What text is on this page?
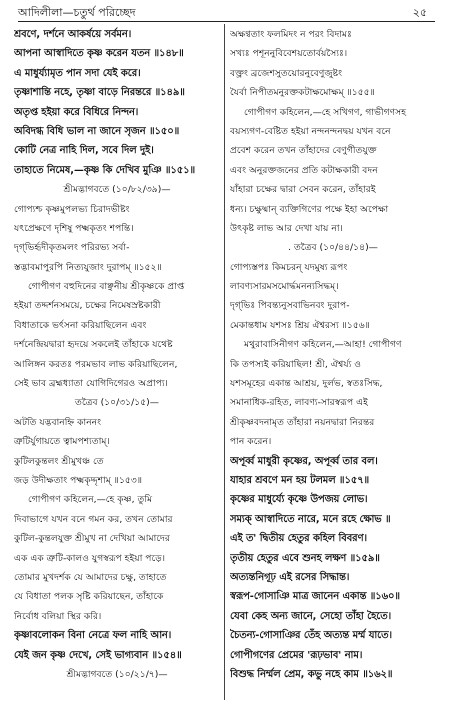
আদিলীলা—চতুর্থ পরিচ্ছেদ	২৫
শ্রবণে, দর্শনে আকর্ষয়ে সর্বমন।
আপনা আস্বাদিতে কৃষ্ণ করেন যতন ॥১৪৮॥
এ মাধুর্য্যামৃত পান সদা যেই করে।
তৃষ্ণাশান্তি নহে, তৃষ্ণা বাড়ে নিরন্তরে ॥১৪৯॥
অতৃপ্ত হইয়া করে বিধিরে নিন্দন।
অবিদগ্ধ বিধি ভাল না জানে সৃজন ॥১৫০॥
কোটি নেত্র নাহি দিল, সবে দিল দুই।
তাহাতে নিমেষ,—কৃষ্ণ কি দেখিব মুঞি ॥১৫১॥
শ্রীমদ্ভাগবতে (১০/৮২/৩৯)—
গোপ্যশ্চ কৃষ্ণমুপলভ্য চিরাদভীষ্টং
যৎপ্রেক্ষণে দৃশিষু পক্ষ্মকৃতং শপন্তি।
দৃগ্‌ভির্হৃদীকৃতমলং পরিরভ্য সর্বা-
স্তদ্ভাবমাপুরপি নিত্যযুজাং দুরাপম্‌ ॥১৫২॥
গোপীগণ বহুদিনের বাঞ্ছনীয় শ্রীকৃষ্ণকে প্রাপ্ত
হইয়া তদ্দর্শনসময়ে, চক্ষের নিমেষস্রষ্টকারী
বিধাতাকে ভর্ৎসনা করিয়াছিলেন এবং
দর্শনেন্দ্রিয়দ্বারা হৃদয়ে সকলেই তাঁহাকে যথেষ্ট
আলিঙ্গন করতঃ পরমভাব লাভ করিয়াছিলেন,
সেই ভাব ব্রহ্মধ্যাতা যোগিদিগেরও অপ্রাপ্য।
তত্রৈব (১০/৩১/১৫)—
অটতি যদ্ভবানহ্নি কাননং
ত্রুটির্যুগায়তে ত্বামপশ্যতাম্‌।
কুটিলকুন্তলং শ্রীমুখঞ্চ তে
জড় উদীক্ষতাং পক্ষ্মকৃদ্দৃশাম্‌ ॥১৫৩॥
গোপীগণ কহিলেন,—হে কৃষ্ণ, তুমি
দিবাভাগে যখন বনে গমন কর, তখন তোমার
কুটিল-কুন্তলযুক্ত শ্রীমুখ না দেখিয়া আমাদের
এক এক ত্রুটি-কালও যুগস্বরূপ হইয়া পড়ে।
তোমার মুখদর্শক যে আমাদের চক্ষু, তাহাতে
যে বিধাতা পলক সৃষ্টি করিয়াছেন, তাঁহাকে
নির্বোধ বলিয়া স্থির করি।
কৃষ্ণাবলোকন বিনা নেত্রে ফল নাহি আন।
যেই জন কৃষ্ণ দেখে, সেই ভাগ্যবান ॥১৫৪॥
শ্রীমদ্ভাগবতে (১০/২১/৭)—
অক্ষণ্বতাং ফলমিদং ন পরং বিদামঃ
সখ্যঃ পশূননুবিবেশয়তোর্বয়স্যৈঃ।
বক্ত্রং ব্রজেশসুতয়োরনুবেণুজুষ্টং
যৈর্বা নিপীতমনুরক্তকটাক্ষমোক্ষম্‌ ॥১৫৫॥
গোপীগণ কহিলেন,—হে সখিগণ, গাভীগণসহ
বয়স্যগণ-বেষ্টিত হইয়া নন্দনন্দনদ্বয় যখন বনে
প্রবেশ করেন তখন তাঁহাদের বেণুগীতযুক্ত
এবং অনুরক্তজনের প্রতি কটাক্ষকারী বদন
যাঁহারা চক্ষের দ্বারা সেবন করেন, তাঁহারই
ধন্য। চক্ষুষ্মান্‌ ব্যক্তিগিণের পক্ষে ইহা অপেক্ষা
উৎকৃষ্ট লাভ আর দেখা যায় না।
. তত্রৈব (১০/৪৪/১৪)—
গোপ্যস্তপঃ কিমচরন্‌ যদমুষ্য রূপং
লাবণ্যসারমসমোর্দ্ধমনন্যসিদ্ধম্‌।
দৃগ্‌ভিঃ পিবন্ত্যনুসবাভিনবং দুরাপ-
মেকান্তধাম যশসঃ শ্রিয় ঐশ্বরস্য ॥১৫৬॥
মথুরাবাসিনীগণ কহিলেন,—আহা! গোপীগণ
কি তপস্যই করিয়াছিল! শ্রী, ঐশ্বর্য্য ও
যশসমূহের একান্ত আশ্রয়, দুর্লভ, স্বতঃসিদ্ধ,
সমানাধিক-রহিত, লাবণ্য-সারস্বরূপ এই
শ্রীকৃষ্ণবদনামৃত তাঁহারা নয়নদ্বারা নিরন্তর
পান করেন।
অপূর্ব্ব মাধুরী কৃষ্ণের, অপূর্ব্ব তার বল।
যাহার শ্রবণে মন হয় টলমল ॥১৫৭॥
কৃষ্ণের মাধুর্য্যে কৃষ্ণে উপজয় লোভ।
সম্যক্‌ আস্বাদিতে নারে, মনে রহে ক্ষোভ ॥
এই ত' দ্বিতীয় হেতুর কহিল বিবরণ।
তৃতীয় হেতুর এবে শুনহ লক্ষণ ॥১৫৯॥
অত্যন্তনিগূঢ় এই রসের সিদ্ধান্ত।
স্বরূপ-গোসাঞি মাত্র জানেন একান্ত ॥১৬০॥
যেবা কেহ অন্য জানে, সেহো তাঁহা হৈতে।
চৈতন্য-গোসাঞির তেঁহ অত্যন্ত মর্ম্ম যাতে।
গোপীগণের প্রেমের 'রূঢ়ভাব' নাম।
বিশুদ্ধ নির্ম্মল প্রেম, কভু নহে কাম ॥১৬২॥
